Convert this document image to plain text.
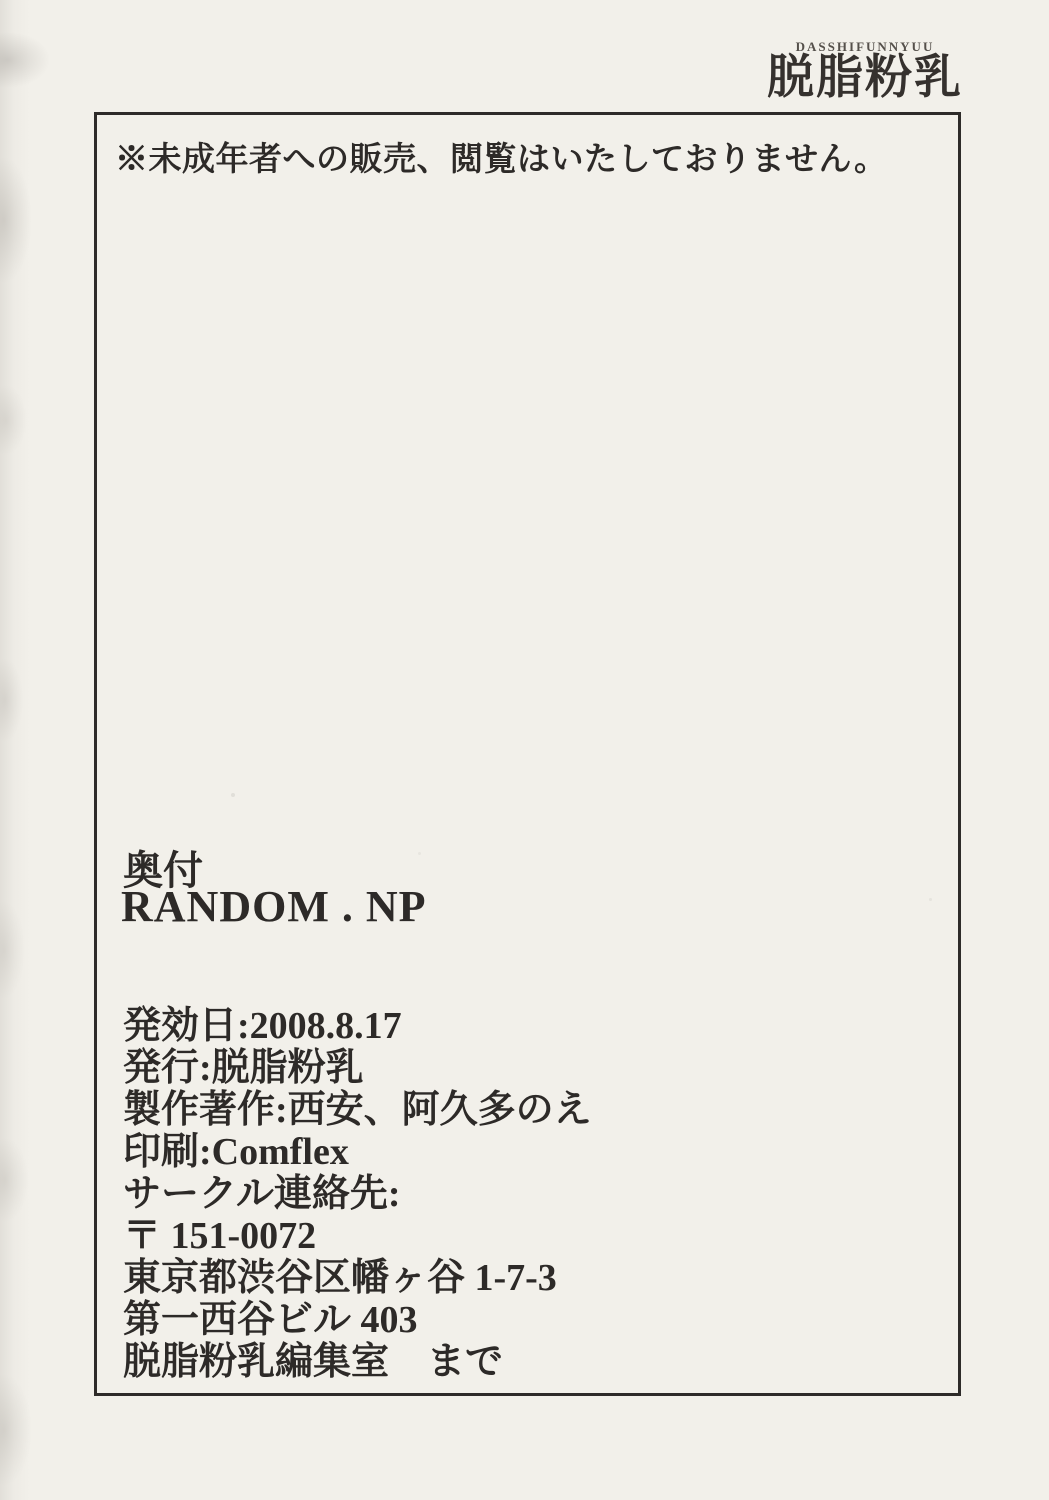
DASSHIFUNNYUU
脱脂粉乳
※未成年者への販売、閲覧はいたしておりません。
奥付
RANDOM . NP
発効日:2008.8.17
発行:脱脂粉乳
製作著作:西安、阿久多のえ
印刷:Comflex
サークル連絡先:
〒 151-0072
東京都渋谷区幡ヶ谷 1-7-3
第一西谷ビル 403
脱脂粉乳編集室　まで
